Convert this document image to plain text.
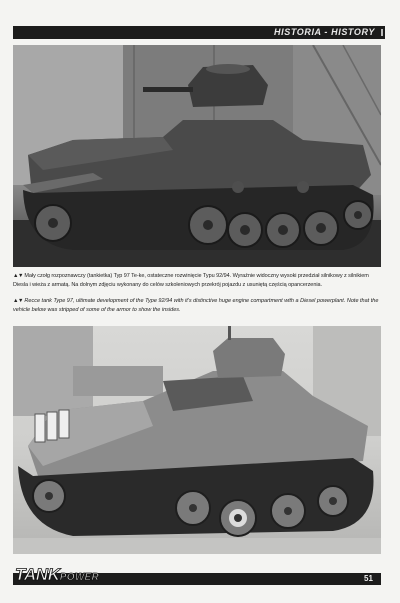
HISTORIA - HISTORY
▲▼ Mały czołg rozpoznawczy (tankietka) Typ 97 Te-ke, ostateczne rozwinięcie Typu 92/94. Wyraźnie widoczny wysoki przedział silnikowy z silnikiem Diesla i wieża z armatą. Na dolnym zdjęciu wykonany do celów szkoleniowych przekrój pojazdu z usuniętą częścią opancerzenia.
▲▼ Recce tank Type 97, ultimate development of the Type 92/94 with it's distinctive huge engine compartment with a Diesel powerplant. Note that the vehicle below was stripped of some of the armor to show the insides.
TANKPOWER	51
